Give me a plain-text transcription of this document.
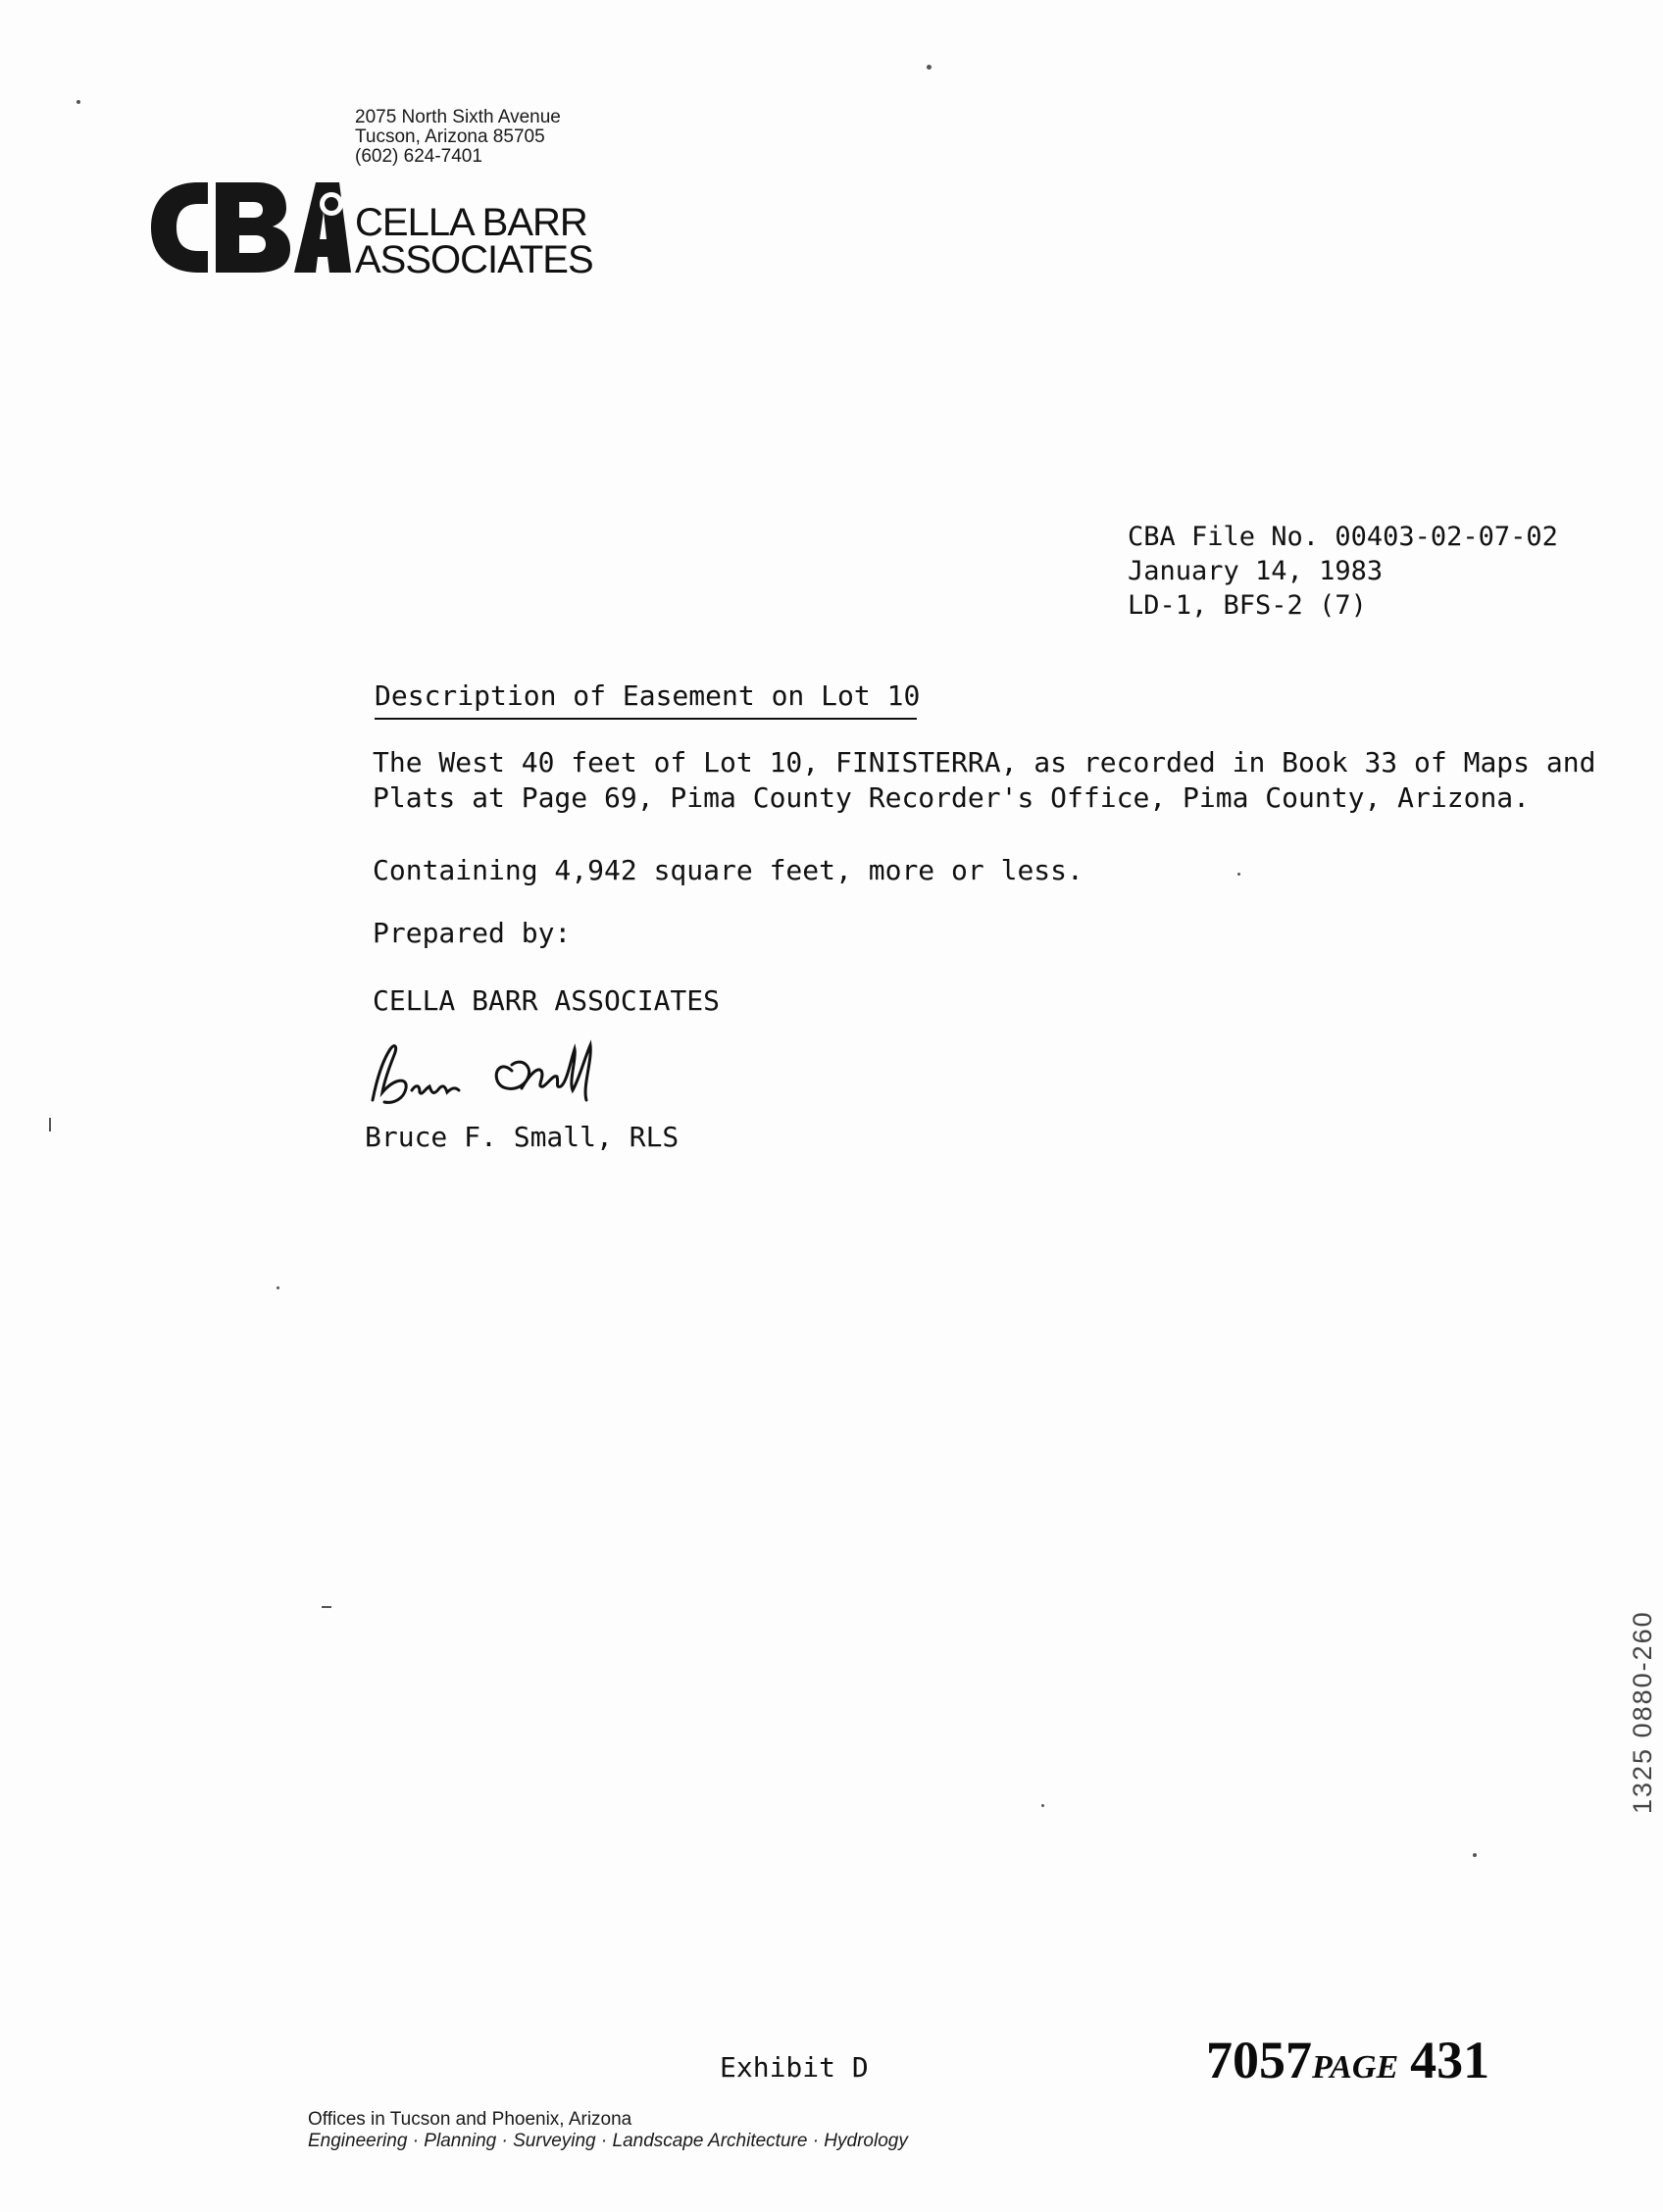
2075 North Sixth Avenue
Tucson, Arizona 85705
(602) 624-7401
CELLA BARR
ASSOCIATES
CBA File No. 00403-02-07-02
January 14, 1983
LD-1, BFS-2 (7)
Description of Easement on Lot 10
The West 40 feet of Lot 10, FINISTERRA, as recorded in Book 33 of Maps and
Plats at Page 69, Pima County Recorder's Office, Pima County, Arizona.
Containing 4,942 square feet, more or less.
Prepared by:
CELLA BARR ASSOCIATES
Bruce F. Small, RLS
1325 0880-260
Exhibit D	7057PAGE 431
Offices in Tucson and Phoenix, Arizona
Engineering · Planning · Surveying · Landscape Architecture · Hydrology
